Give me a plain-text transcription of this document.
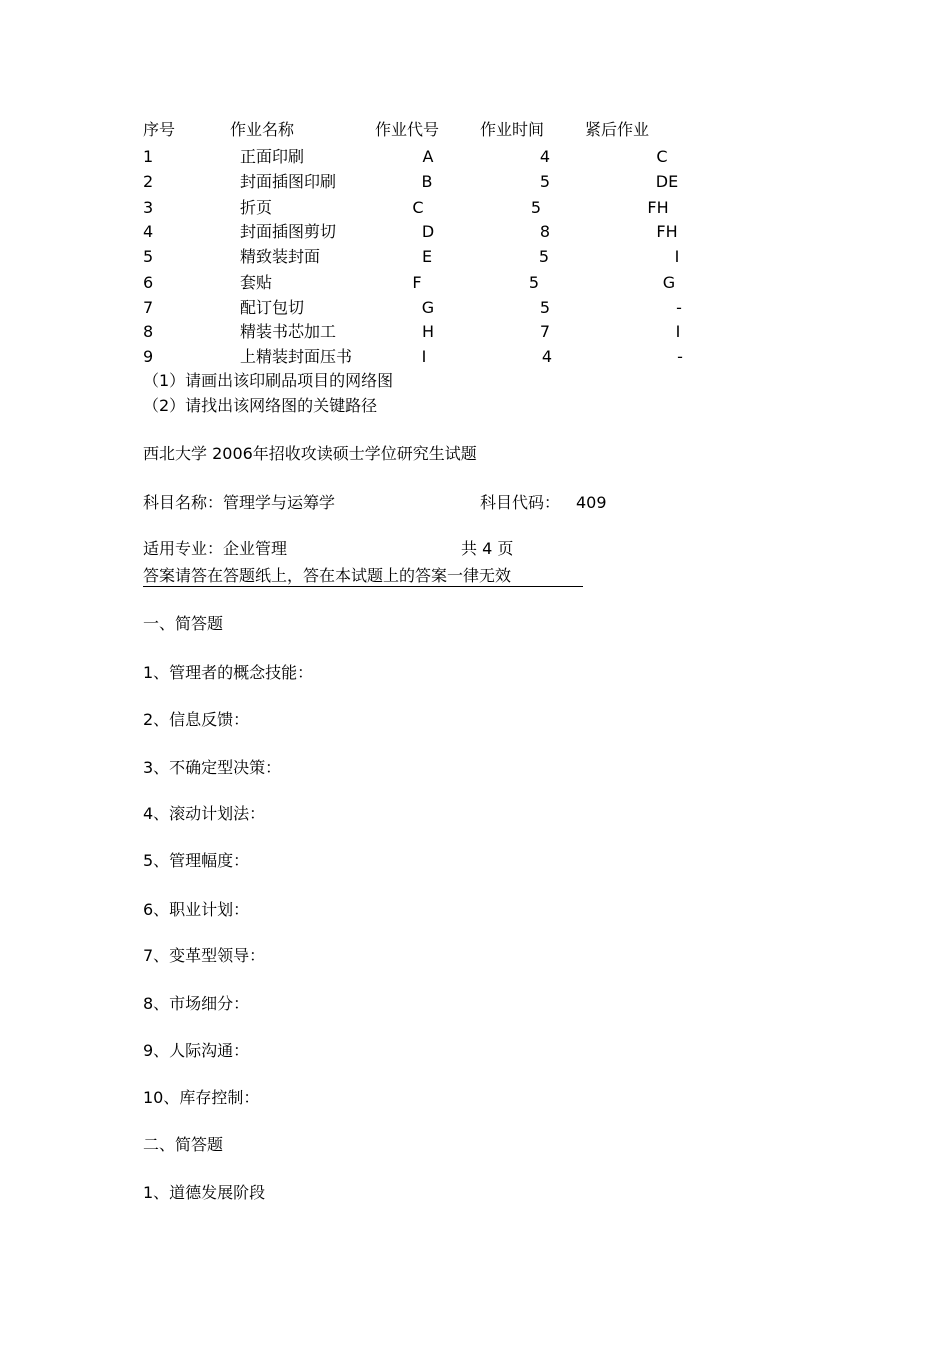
序号	作业名称	作业代号	作业时间	紧后作业
1	正面印刷	A	4	C
2	封面插图印刷	B	5	DE
3	折页	C	5	FH
4	封面插图剪切	D	8	FH
5	精致装封面	E	5	I
6	套贴	F	5	G
7	配订包切	G	5	-
8	精装书芯加工	H	7	I
9	上精装封面压书	I	4	-
（1）请画出该印刷品项目的网络图
（2）请找出该网络图的关键路径
西北大学 2006年招收攻读硕士学位研究生试题
科目名称：管理学与运筹学	科目代码： 409
适用专业：企业管理	共 4 页
答案请答在答题纸上，答在本试题上的答案一律无效
一、简答题
1、管理者的概念技能：
2、信息反馈：
3、不确定型决策：
4、滚动计划法：
5、管理幅度：
6、职业计划：
7、变革型领导：
8、市场细分：
9、人际沟通：
10、库存控制：
二、简答题
1、道德发展阶段
